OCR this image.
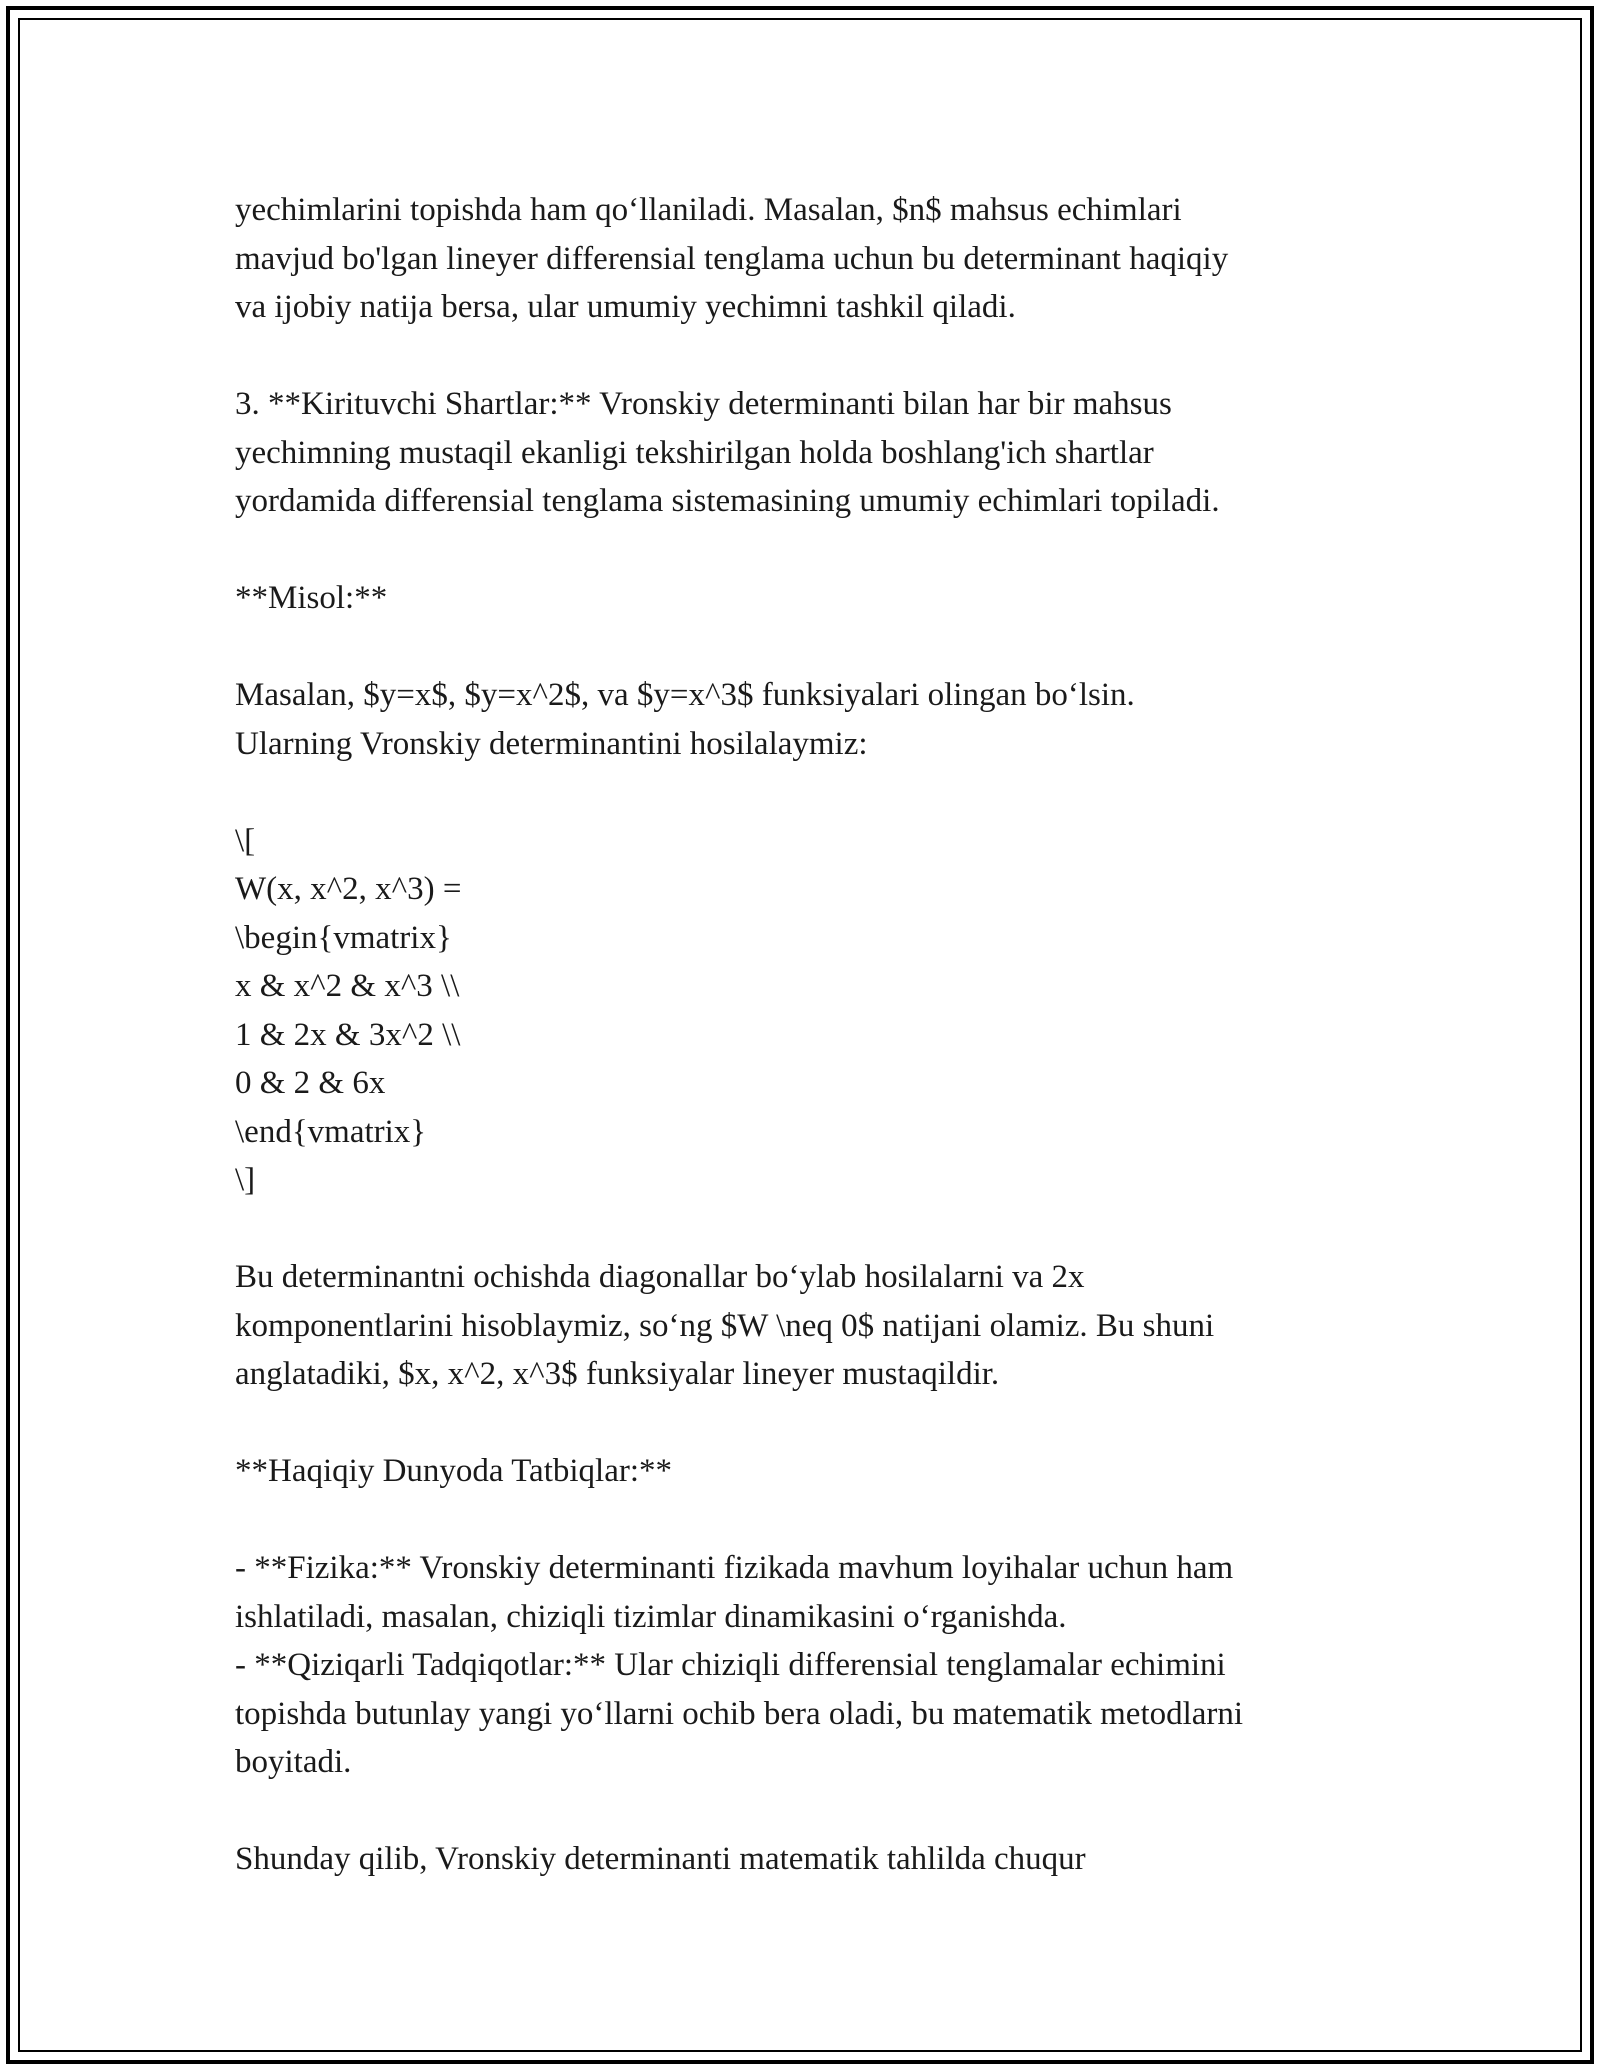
yechimlarini topishda ham qo‘llaniladi. Masalan, $n$ mahsus echimlari
mavjud bo'lgan lineyer differensial tenglama uchun bu determinant haqiqiy
va ijobiy natija bersa, ular umumiy yechimni tashkil qiladi.

3. **Kirituvchi Shartlar:** Vronskiy determinanti bilan har bir mahsus
yechimning mustaqil ekanligi tekshirilgan holda boshlang'ich shartlar
yordamida differensial tenglama sistemasining umumiy echimlari topiladi.

**Misol:**

Masalan, $y=x$, $y=x^2$, va $y=x^3$ funksiyalari olingan bo‘lsin.
Ularning Vronskiy determinantini hosilalaymiz:

\[
W(x, x^2, x^3) =
\begin{vmatrix}
x & x^2 & x^3 \\
1 & 2x & 3x^2 \\
0 & 2 & 6x
\end{vmatrix}
\]

Bu determinantni ochishda diagonallar bo‘ylab hosilalarni va 2x
komponentlarini hisoblaymiz, so‘ng $W \neq 0$ natijani olamiz. Bu shuni
anglatadiki, $x, x^2, x^3$ funksiyalar lineyer mustaqildir.

**Haqiqiy Dunyoda Tatbiqlar:**

- **Fizika:** Vronskiy determinanti fizikada mavhum loyihalar uchun ham
ishlatiladi, masalan, chiziqli tizimlar dinamikasini o‘rganishda.
- **Qiziqarli Tadqiqotlar:** Ular chiziqli differensial tenglamalar echimini
topishda butunlay yangi yo‘llarni ochib bera oladi, bu matematik metodlarni
boyitadi.

Shunday qilib, Vronskiy determinanti matematik tahlilda chuqur
